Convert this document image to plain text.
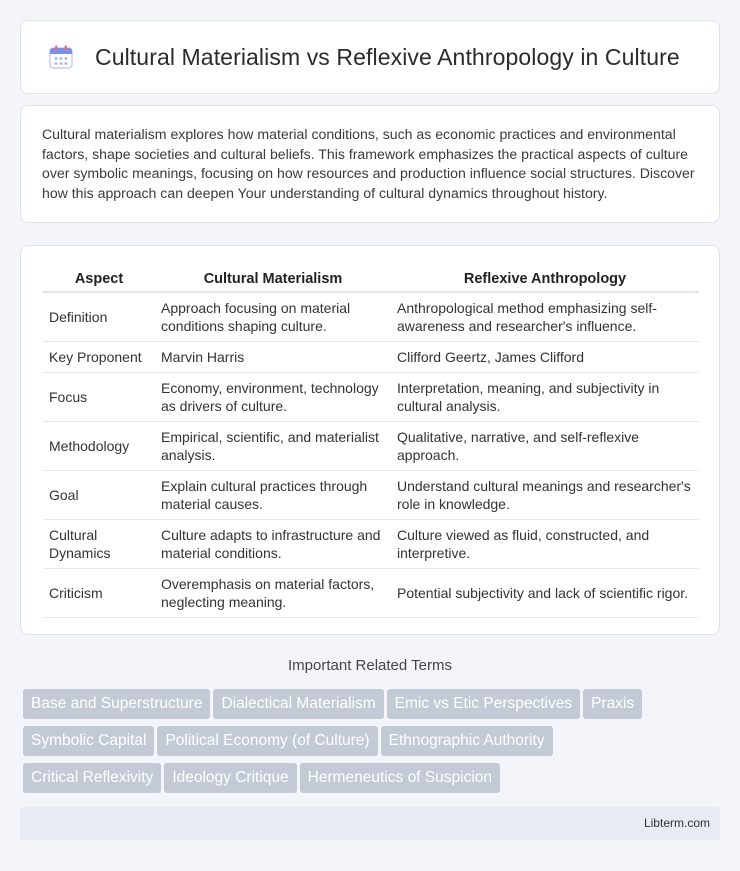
Cultural Materialism vs Reflexive Anthropology in Culture

Cultural materialism explores how material conditions, such as economic practices and environmental factors, shape societies and cultural beliefs. This framework emphasizes the practical aspects of culture over symbolic meanings, focusing on how resources and production influence social structures. Discover how this approach can deepen Your understanding of cultural dynamics throughout history.

Aspect	Cultural Materialism	Reflexive Anthropology
Definition	Approach focusing on material conditions shaping culture.	Anthropological method emphasizing self-awareness and researcher's influence.
Key Proponent	Marvin Harris	Clifford Geertz, James Clifford
Focus	Economy, environment, technology as drivers of culture.	Interpretation, meaning, and subjectivity in cultural analysis.
Methodology	Empirical, scientific, and materialist analysis.	Qualitative, narrative, and self-reflexive approach.
Goal	Explain cultural practices through material causes.	Understand cultural meanings and researcher's role in knowledge.
Cultural Dynamics	Culture adapts to infrastructure and material conditions.	Culture viewed as fluid, constructed, and interpretive.
Criticism	Overemphasis on material factors, neglecting meaning.	Potential subjectivity and lack of scientific rigor.
Important Related Terms
Base and Superstructure Dialectical Materialism Emic vs Etic Perspectives Praxis
Symbolic Capital Political Economy (of Culture) Ethnographic Authority
Critical Reflexivity Ideology Critique Hermeneutics of Suspicion
Libterm.com
